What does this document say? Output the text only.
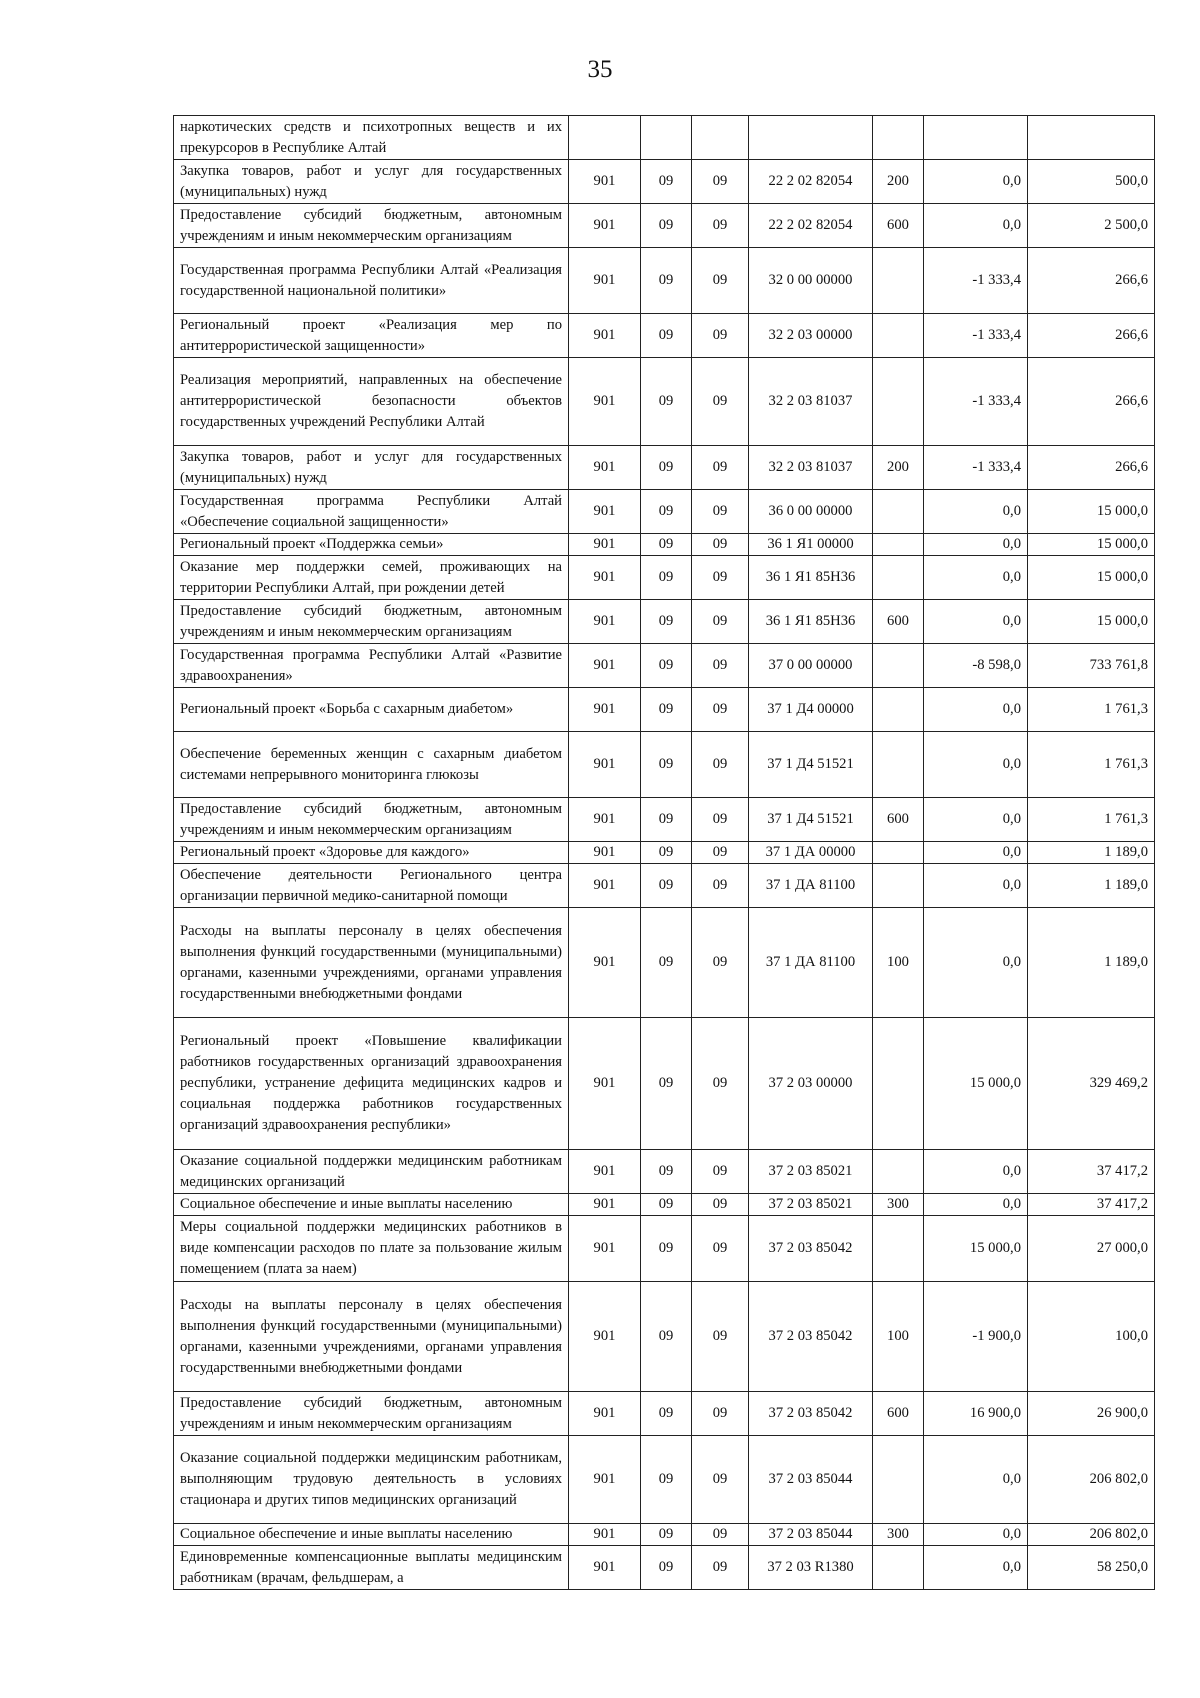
35
наркотических средств и психотропных веществ и их прекурсоров в Республике Алтай							
Закупка товаров, работ и услуг для государственных (муниципальных) нужд	901	09	09	22 2 02 82054	200	0,0	500,0
Предоставление субсидий бюджетным, автономным учреждениям и иным некоммерческим организациям	901	09	09	22 2 02 82054	600	0,0	2 500,0
Государственная программа Республики Алтай «Реализация государственной национальной политики»	901	09	09	32 0 00 00000		-1 333,4	266,6
Региональный проект «Реализация мер по антитеррористической защищенности»	901	09	09	32 2 03 00000		-1 333,4	266,6
Реализация мероприятий, направленных на обеспечение антитеррористической безопасности объектов государственных учреждений Республики Алтай	901	09	09	32 2 03 81037		-1 333,4	266,6
Закупка товаров, работ и услуг для государственных (муниципальных) нужд	901	09	09	32 2 03 81037	200	-1 333,4	266,6
Государственная программа Республики Алтай «Обеспечение социальной защищенности»	901	09	09	36 0 00 00000		0,0	15 000,0
Региональный проект «Поддержка семьи»	901	09	09	36 1 Я1 00000		0,0	15 000,0
Оказание мер поддержки семей, проживающих на территории Республики Алтай, при рождении детей	901	09	09	36 1 Я1 85Н36		0,0	15 000,0
Предоставление субсидий бюджетным, автономным учреждениям и иным некоммерческим организациям	901	09	09	36 1 Я1 85Н36	600	0,0	15 000,0
Государственная программа Республики Алтай «Развитие здравоохранения»	901	09	09	37 0 00 00000		-8 598,0	733 761,8
Региональный проект «Борьба с сахарным диабетом»	901	09	09	37 1 Д4 00000		0,0	1 761,3
Обеспечение беременных женщин с сахарным диабетом системами непрерывного мониторинга глюкозы	901	09	09	37 1 Д4 51521		0,0	1 761,3
Предоставление субсидий бюджетным, автономным учреждениям и иным некоммерческим организациям	901	09	09	37 1 Д4 51521	600	0,0	1 761,3
Региональный проект «Здоровье для каждого»	901	09	09	37 1 ДА 00000		0,0	1 189,0
Обеспечение деятельности Регионального центра организации первичной медико-санитарной помощи	901	09	09	37 1 ДА 81100		0,0	1 189,0
Расходы на выплаты персоналу в целях обеспечения выполнения функций государственными (муниципальными) органами, казенными учреждениями, органами управления государственными внебюджетными фондами	901	09	09	37 1 ДА 81100	100	0,0	1 189,0
Региональный проект «Повышение квалификации работников государственных организаций здравоохранения республики, устранение дефицита медицинских кадров и социальная поддержка работников государственных организаций здравоохранения республики»	901	09	09	37 2 03 00000		15 000,0	329 469,2
Оказание социальной поддержки медицинским работникам медицинских организаций	901	09	09	37 2 03 85021		0,0	37 417,2
Социальное обеспечение и иные выплаты населению	901	09	09	37 2 03 85021	300	0,0	37 417,2
Меры социальной поддержки медицинских работников в виде компенсации расходов по плате за пользование жилым помещением (плата за наем)	901	09	09	37 2 03 85042		15 000,0	27 000,0
Расходы на выплаты персоналу в целях обеспечения выполнения функций государственными (муниципальными) органами, казенными учреждениями, органами управления государственными внебюджетными фондами	901	09	09	37 2 03 85042	100	-1 900,0	100,0
Предоставление субсидий бюджетным, автономным учреждениям и иным некоммерческим организациям	901	09	09	37 2 03 85042	600	16 900,0	26 900,0
Оказание социальной поддержки медицинским работникам, выполняющим трудовую деятельность в условиях стационара и других типов медицинских организаций	901	09	09	37 2 03 85044		0,0	206 802,0
Социальное обеспечение и иные выплаты населению	901	09	09	37 2 03 85044	300	0,0	206 802,0
Единовременные компенсационные выплаты медицинским работникам (врачам, фельдшерам, а	901	09	09	37 2 03 R1380		0,0	58 250,0
